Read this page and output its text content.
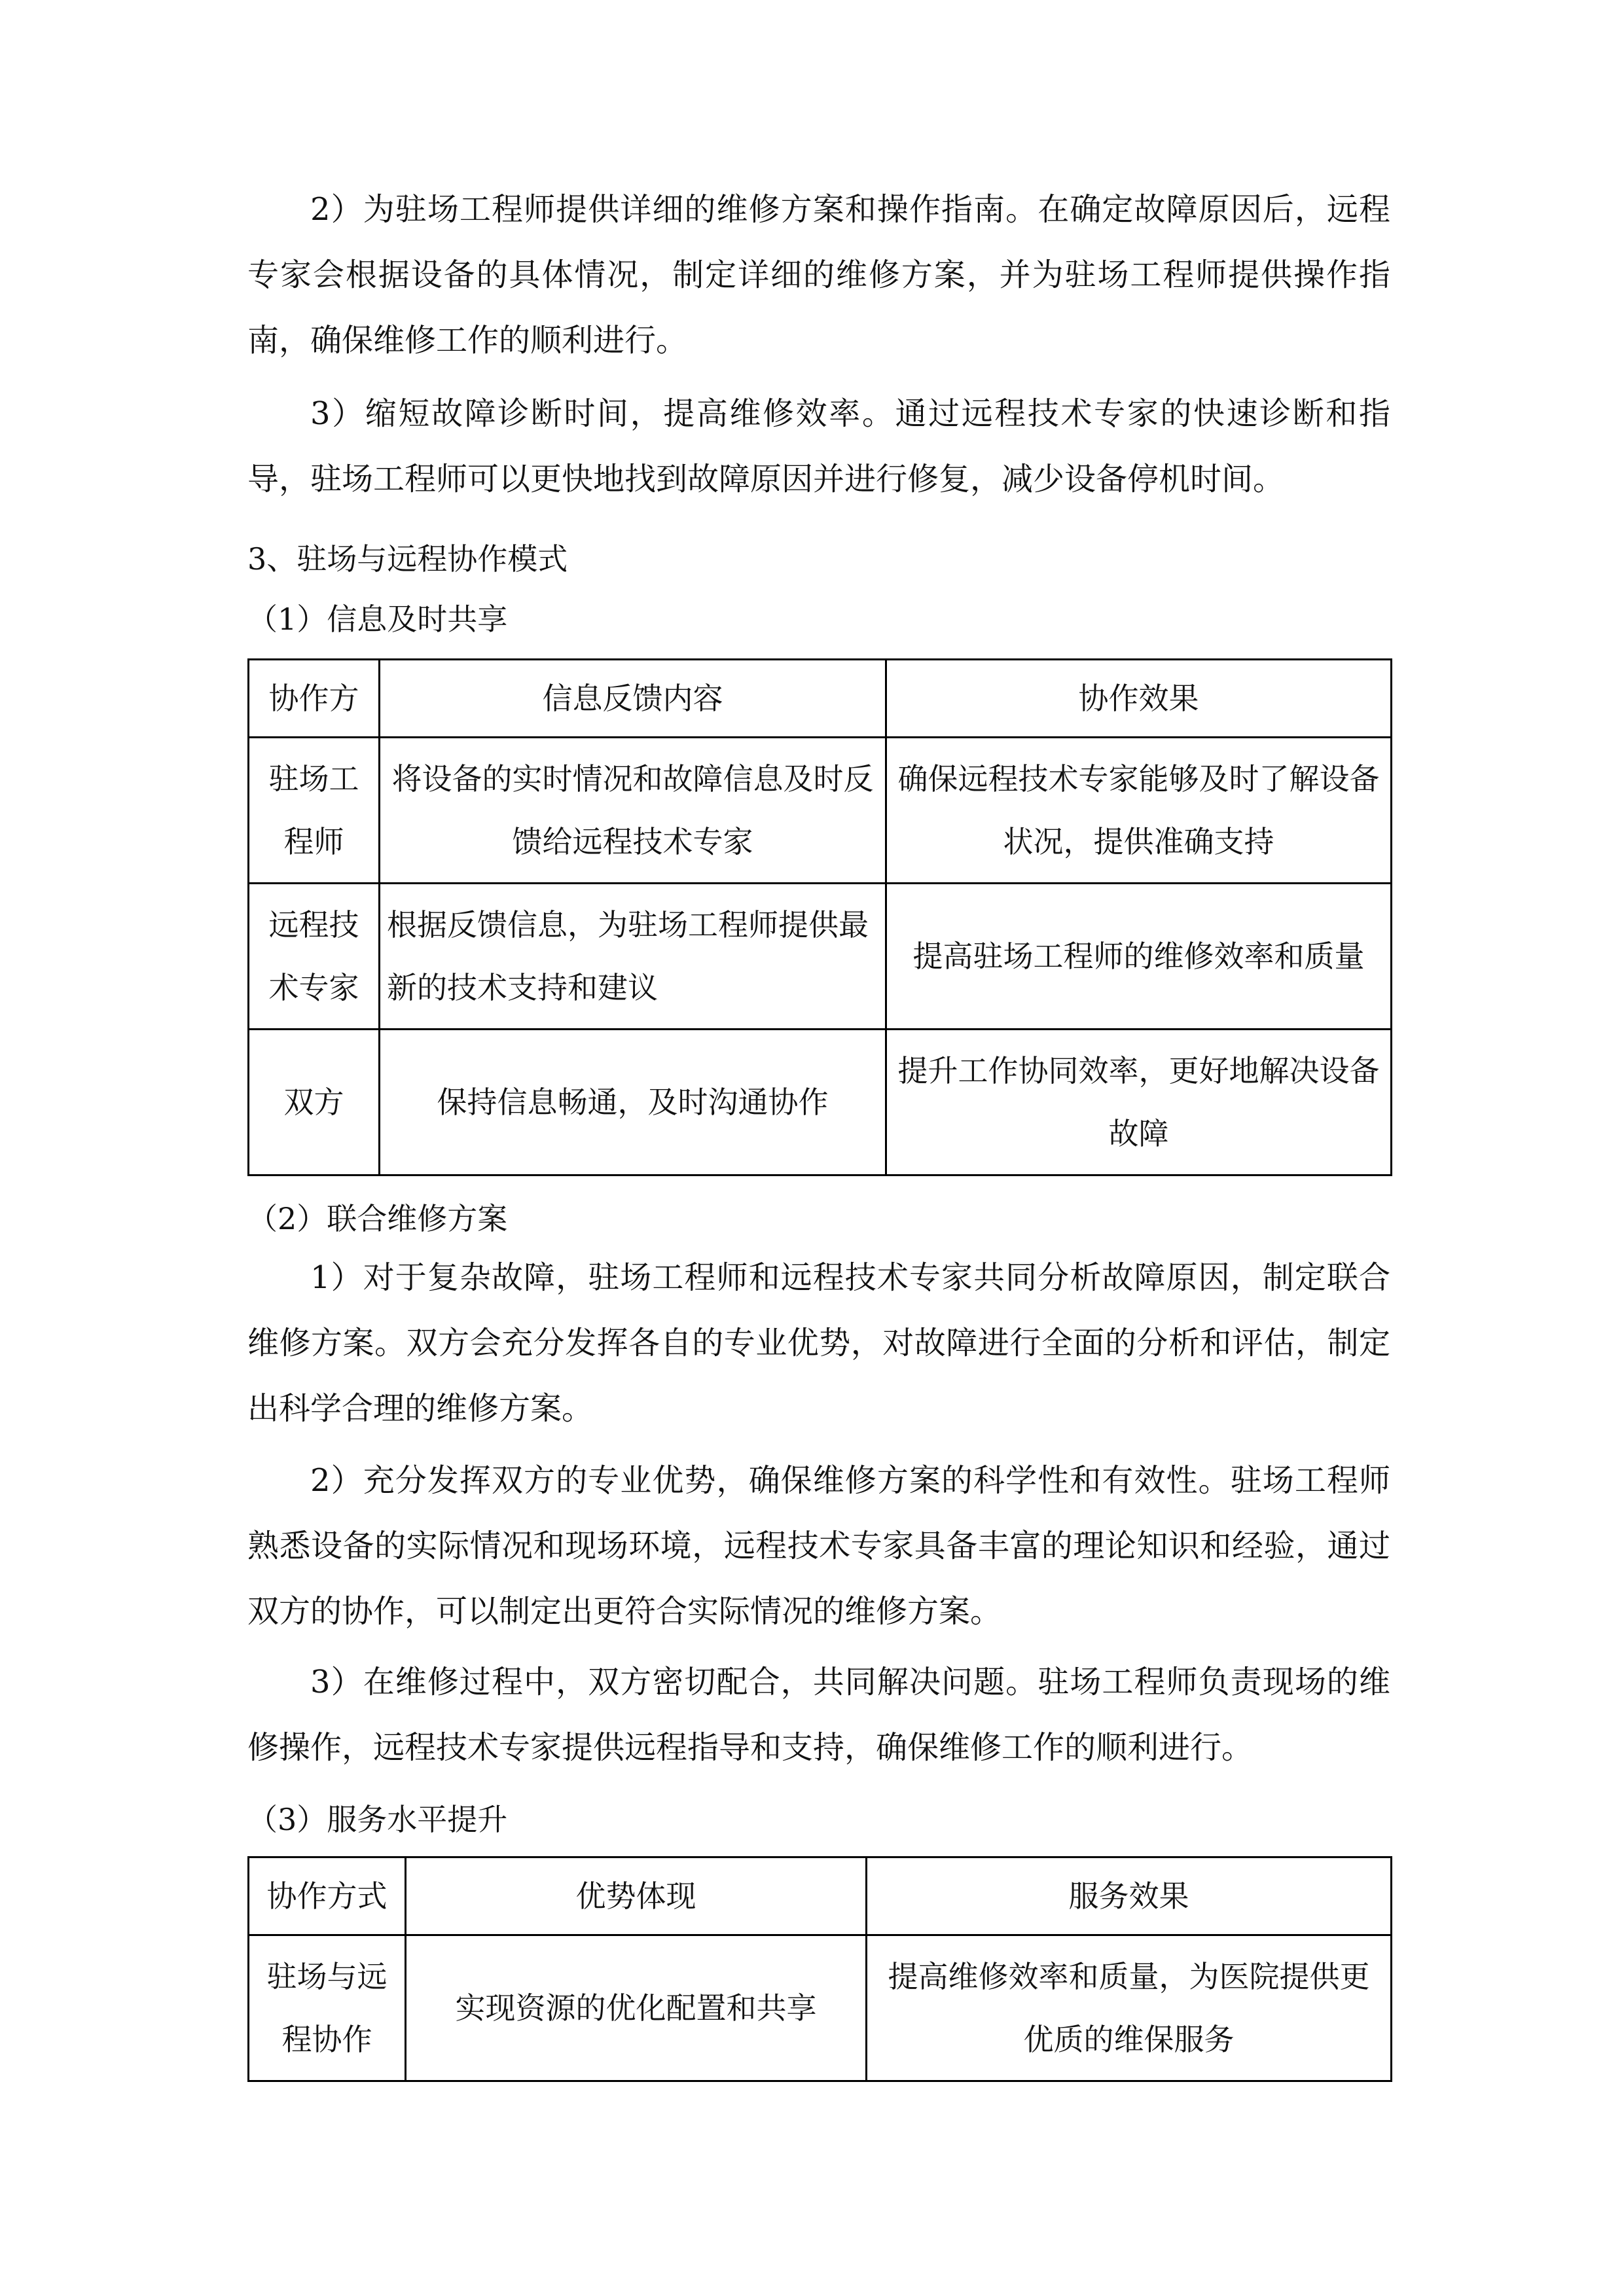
2）为驻场工程师提供详细的维修方案和操作指南。在确定故障原因后，远程专家会根据设备的具体情况，制定详细的维修方案，并为驻场工程师提供操作指南，确保维修工作的顺利进行。

3）缩短故障诊断时间，提高维修效率。通过远程技术专家的快速诊断和指导，驻场工程师可以更快地找到故障原因并进行修复，减少设备停机时间。

3、驻场与远程协作模式

（1）信息及时共享

协作方	信息反馈内容	协作效果
驻场工程师	将设备的实时情况和故障信息及时反馈给远程技术专家	确保远程技术专家能够及时了解设备状况，提供准确支持
远程技术专家	根据反馈信息，为驻场工程师提供最新的技术支持和建议	提高驻场工程师的维修效率和质量
双方	保持信息畅通，及时沟通协作	提升工作协同效率，更好地解决设备故障

（2）联合维修方案

1）对于复杂故障，驻场工程师和远程技术专家共同分析故障原因，制定联合维修方案。双方会充分发挥各自的专业优势，对故障进行全面的分析和评估，制定出科学合理的维修方案。

2）充分发挥双方的专业优势，确保维修方案的科学性和有效性。驻场工程师熟悉设备的实际情况和现场环境，远程技术专家具备丰富的理论知识和经验，通过双方的协作，可以制定出更符合实际情况的维修方案。

3）在维修过程中，双方密切配合，共同解决问题。驻场工程师负责现场的维修操作，远程技术专家提供远程指导和支持，确保维修工作的顺利进行。

（3）服务水平提升

协作方式	优势体现	服务效果
驻场与远程协作	实现资源的优化配置和共享	提高维修效率和质量，为医院提供更优质的维保服务
